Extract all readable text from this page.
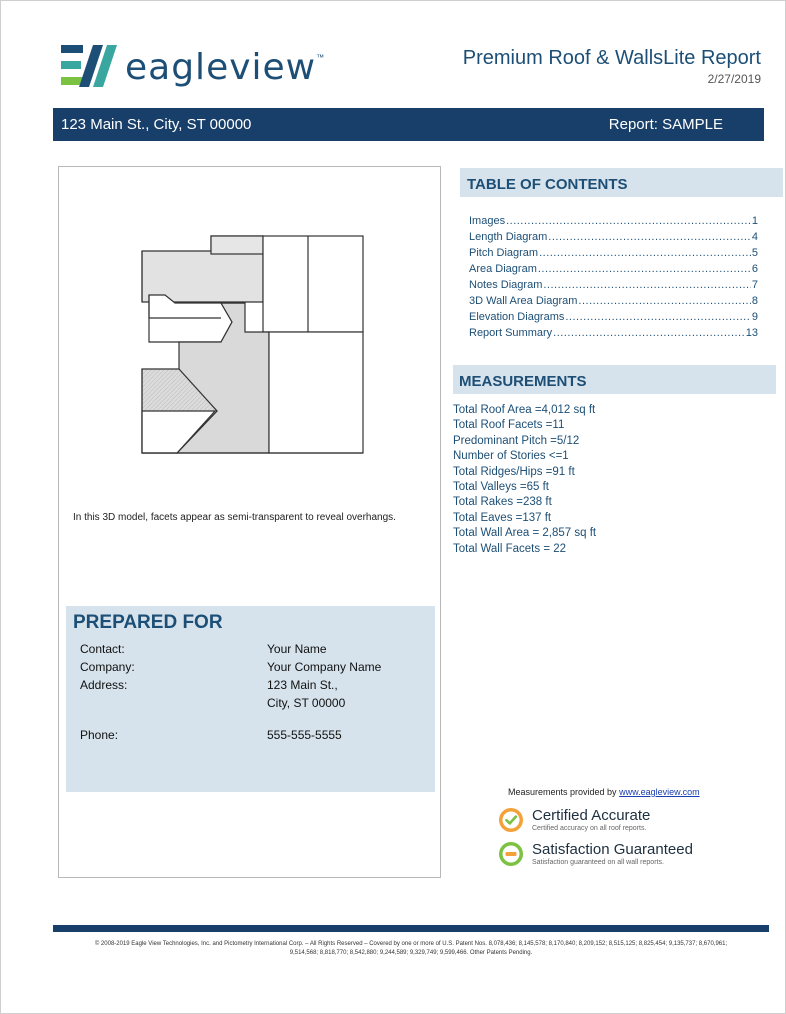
eagleview ™	Premium Roof & WallsLite Report
2/27/2019
123 Main St., City, ST 00000	Report: SAMPLE
In this 3D model, facets appear as semi-transparent to reveal overhangs.
PREPARED FOR
Contact:	Your Name
Company:	Your Company Name
Address:	123 Main St.,
City, ST 00000
Phone:	555-555-5555
TABLE OF CONTENTS
Images .....	1
Length Diagram .....	4
Pitch Diagram .....	5
Area Diagram .....	6
Notes Diagram .....	7
3D Wall Area Diagram .....	8
Elevation Diagrams .....	9
Report Summary .....	13
MEASUREMENTS
Total Roof Area =4,012 sq ft
Total Roof Facets =11
Predominant Pitch =5/12
Number of Stories <=1
Total Ridges/Hips =91 ft
Total Valleys =65 ft
Total Rakes =238 ft
Total Eaves =137 ft
Total Wall Area = 2,857 sq ft
Total Wall Facets = 22
Measurements provided by www.eagleview.com
Certified Accurate
Certified accuracy on all roof reports.
Satisfaction Guaranteed
Satisfaction guaranteed on all wall reports.
© 2008-2019 Eagle View Technologies, Inc. and Pictometry International Corp. – All Rights Reserved – Covered by one or more of U.S. Patent Nos. 8,078,436; 8,145,578; 8,170,840; 8,209,152; 8,515,125; 8,825,454; 9,135,737; 8,670,961;
9,514,568; 8,818,770; 8,542,880; 9,244,589; 9,329,749; 9,599,466. Other Patents Pending.
